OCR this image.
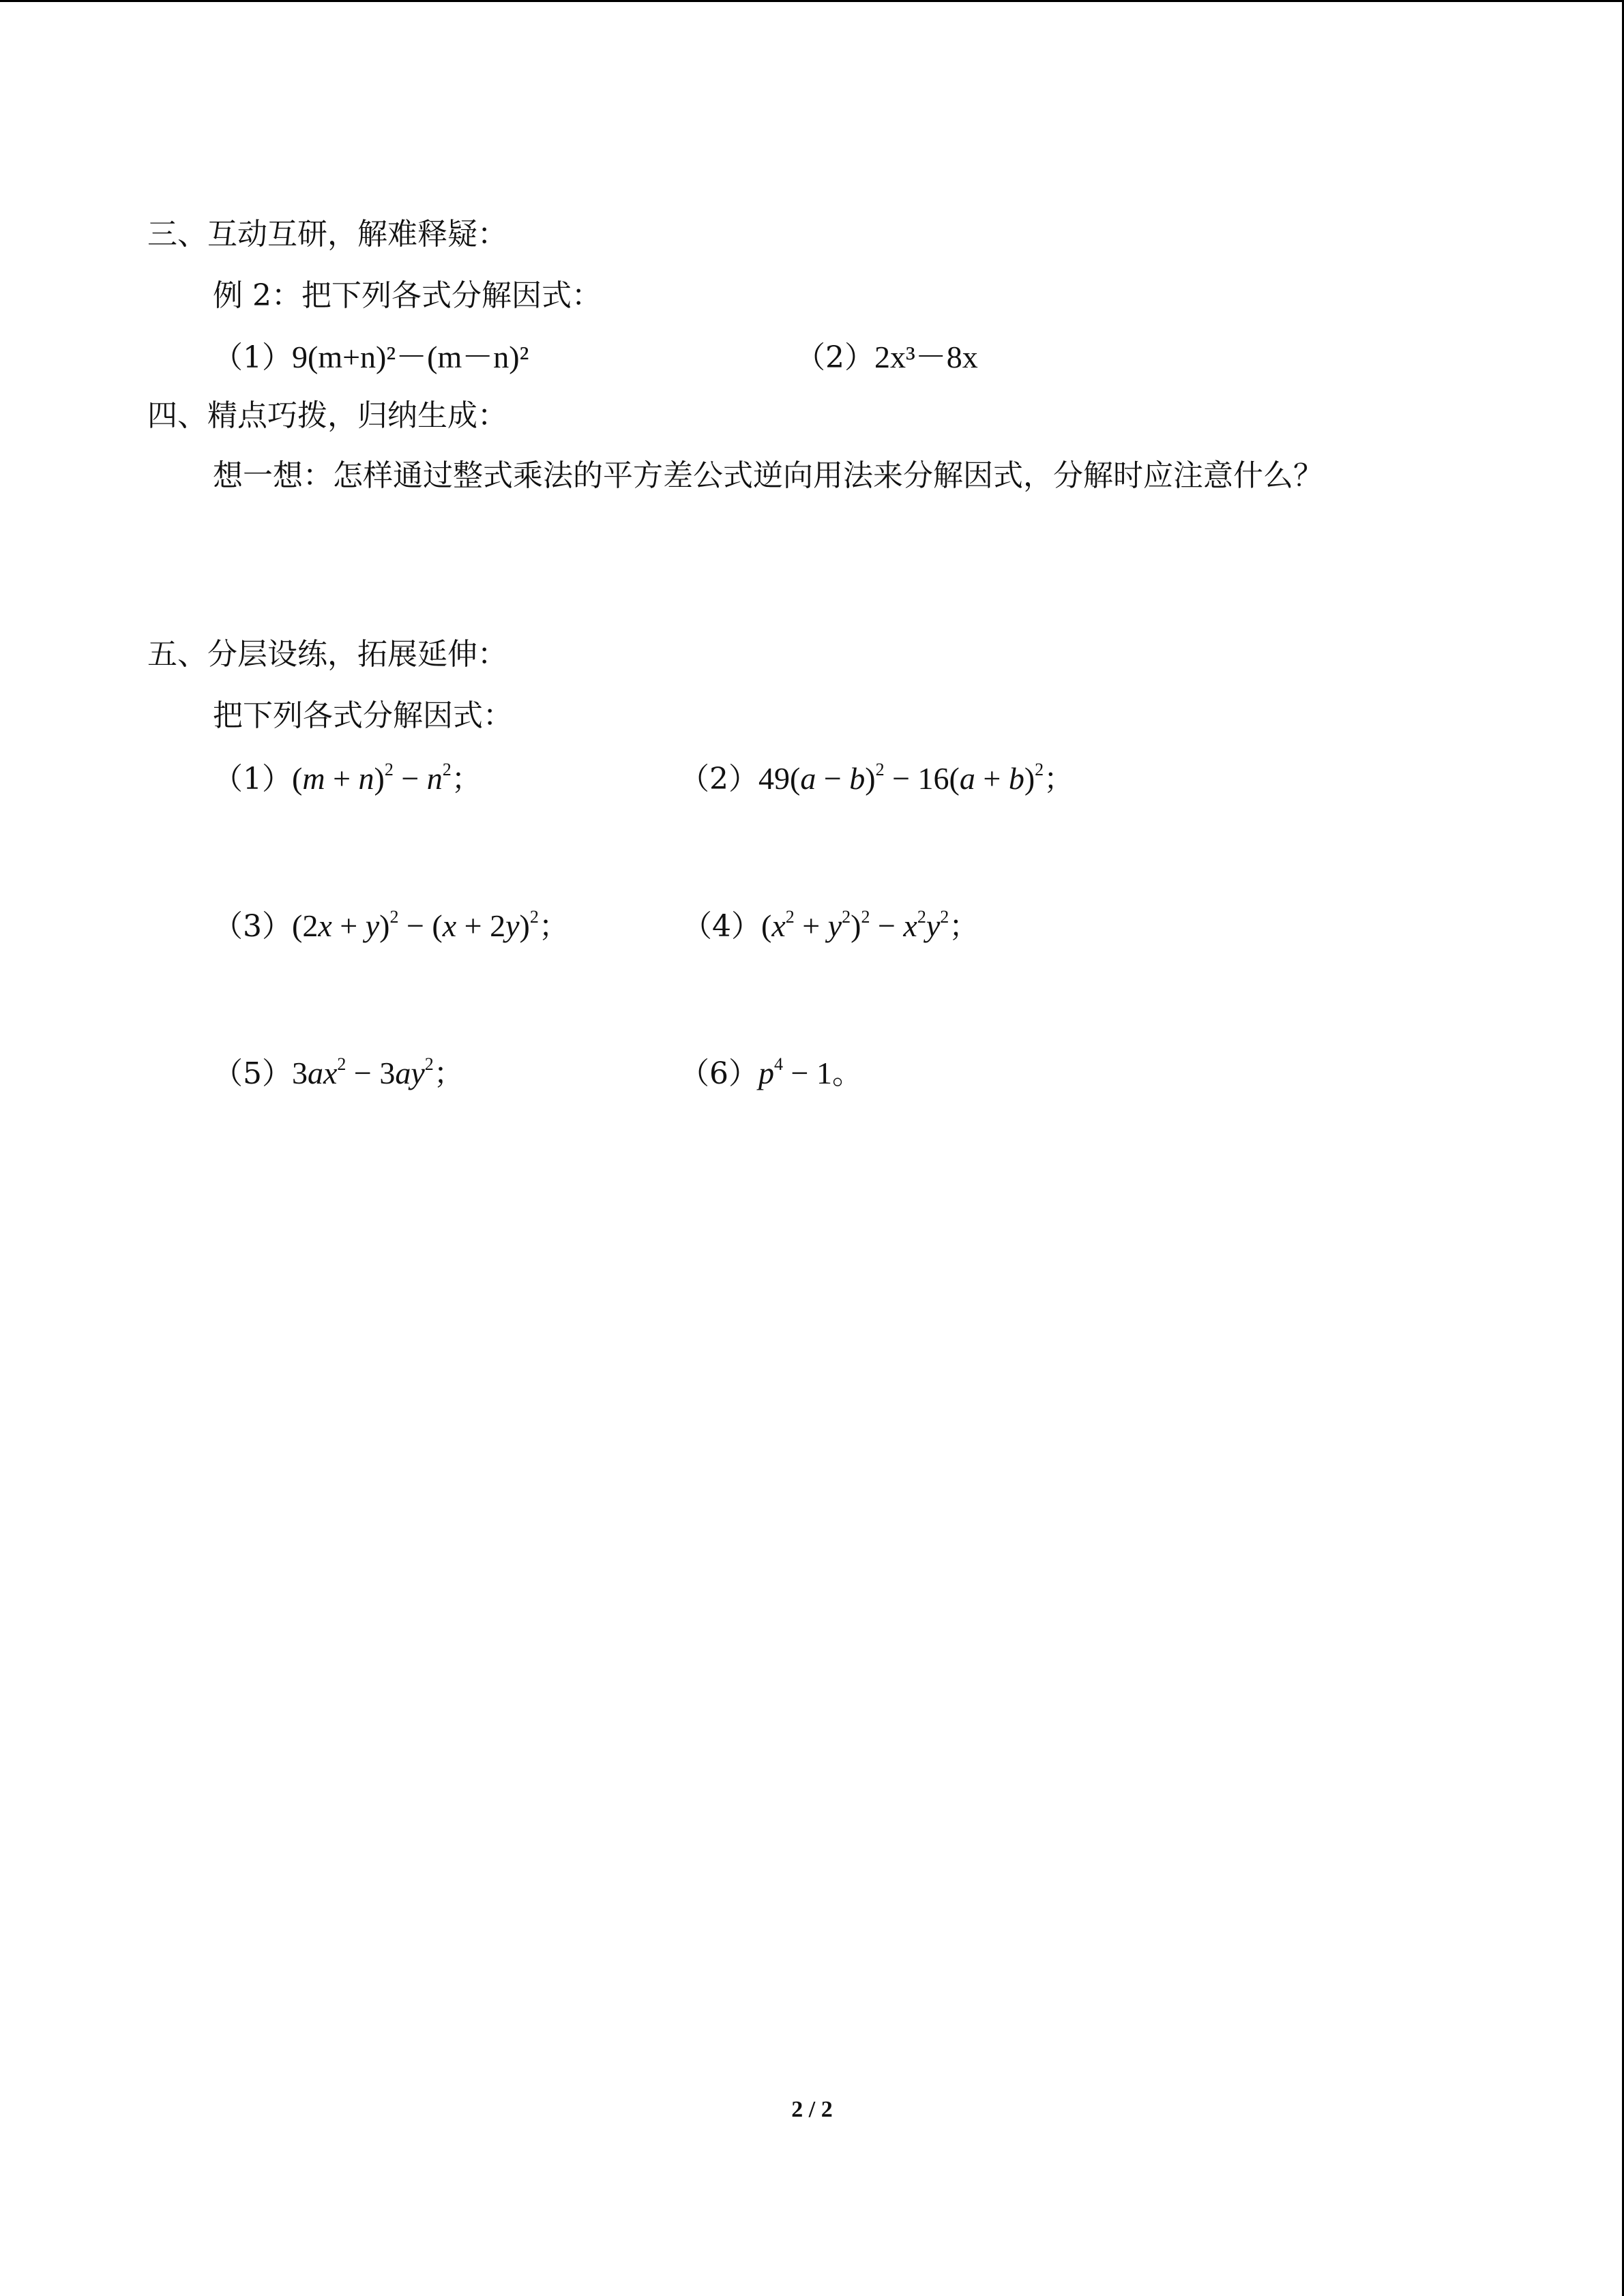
三、互动互研，解难释疑：
例 2：把下列各式分解因式：
（1）9(m+n)²－(m－n)²	（2）2x³－8x
四、精点巧拨，归纳生成：
想一想：怎样通过整式乘法的平方差公式逆向用法来分解因式，分解时应注意什么？
五、分层设练，拓展延伸：
把下列各式分解因式：
$(1)(m + n)^2 - n^2$；	$(2)49(a - b)^2 - 16(a + b)^2$；
$(3)(2x + y)^2 - (x + 2y)^2$；	$(4)(x^2 + y^2)^2 - x^2y^2$；
$(5)3ax^2 - 3ay^2$；	$(6)p^4 - 1$。
2 / 2
